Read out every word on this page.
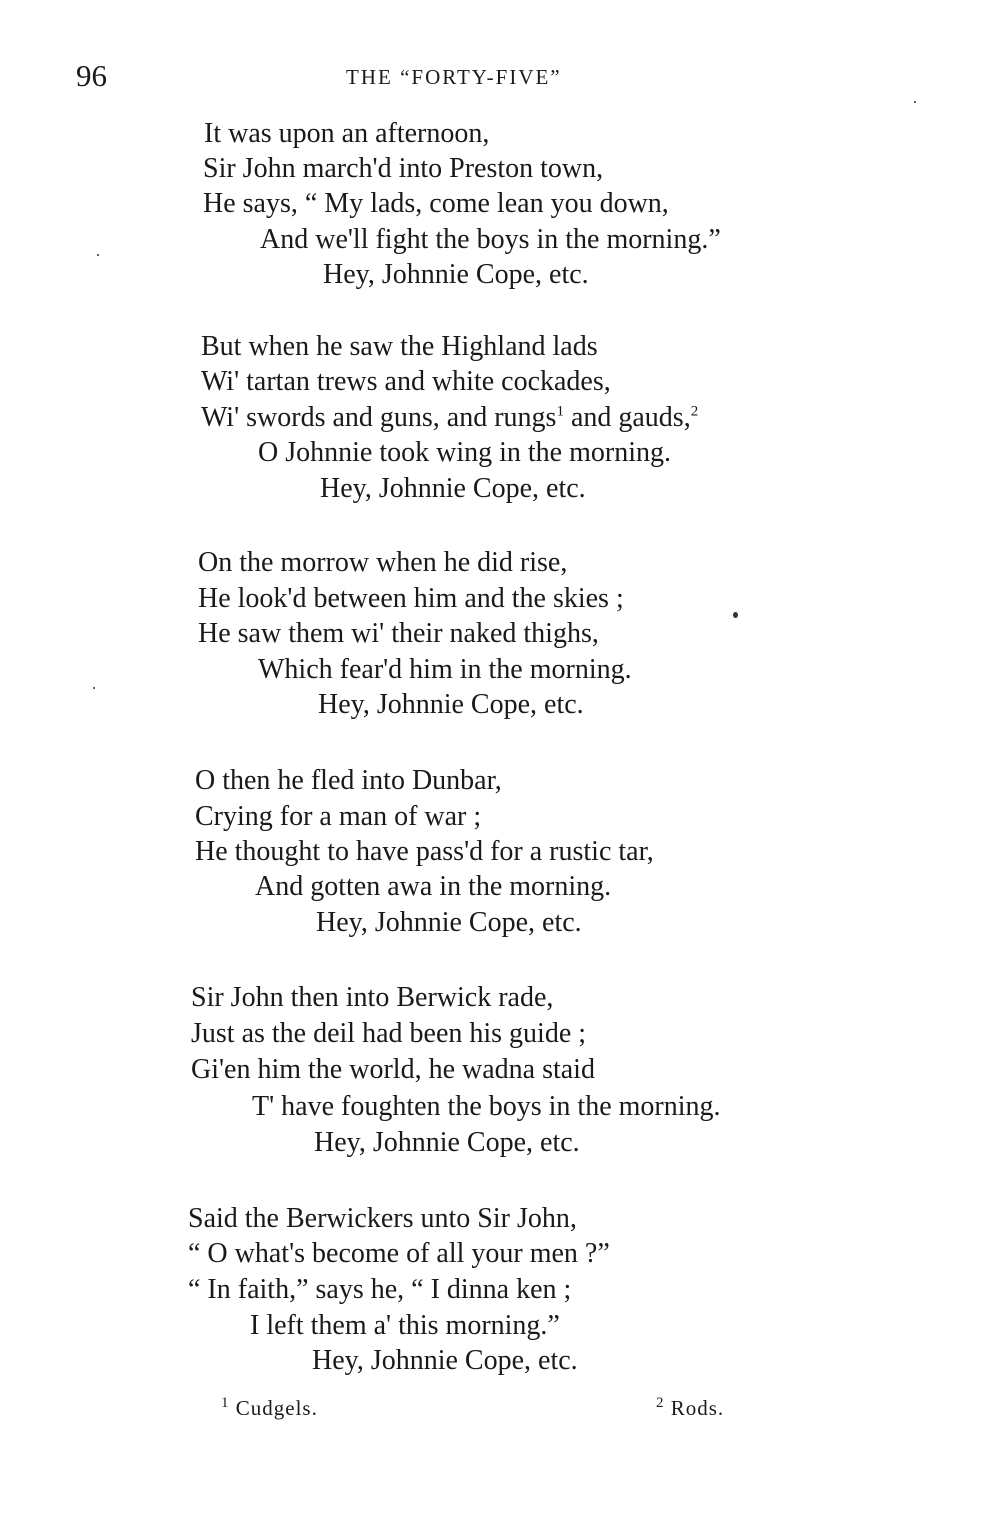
96	THE “FORTY-FIVE”
It was upon an afternoon,
Sir John march'd into Preston town,
He says, “ My lads, come lean you down,
And we'll fight the boys in the morning.”
Hey, Johnnie Cope, etc.
But when he saw the Highland lads
Wi' tartan trews and white cockades,
Wi' swords and guns, and rungs$^1$ and gauds,$^2$
O Johnnie took wing in the morning.
Hey, Johnnie Cope, etc.
On the morrow when he did rise,
He look'd between him and the skies ;
He saw them wi' their naked thighs,
Which fear'd him in the morning.
Hey, Johnnie Cope, etc.
O then he fled into Dunbar,
Crying for a man of war ;
He thought to have pass'd for a rustic tar,
And gotten awa in the morning.
Hey, Johnnie Cope, etc.
Sir John then into Berwick rade,
Just as the deil had been his guide ;
Gi'en him the world, he wadna staid
T' have foughten the boys in the morning.
Hey, Johnnie Cope, etc.
Said the Berwickers unto Sir John,
“ O what's become of all your men ?”
“ In faith,” says he, “ I dinna ken ;
I left them a' this morning.”
Hey, Johnnie Cope, etc.
$^1$ Cudgels.	$^2$ Rods.
